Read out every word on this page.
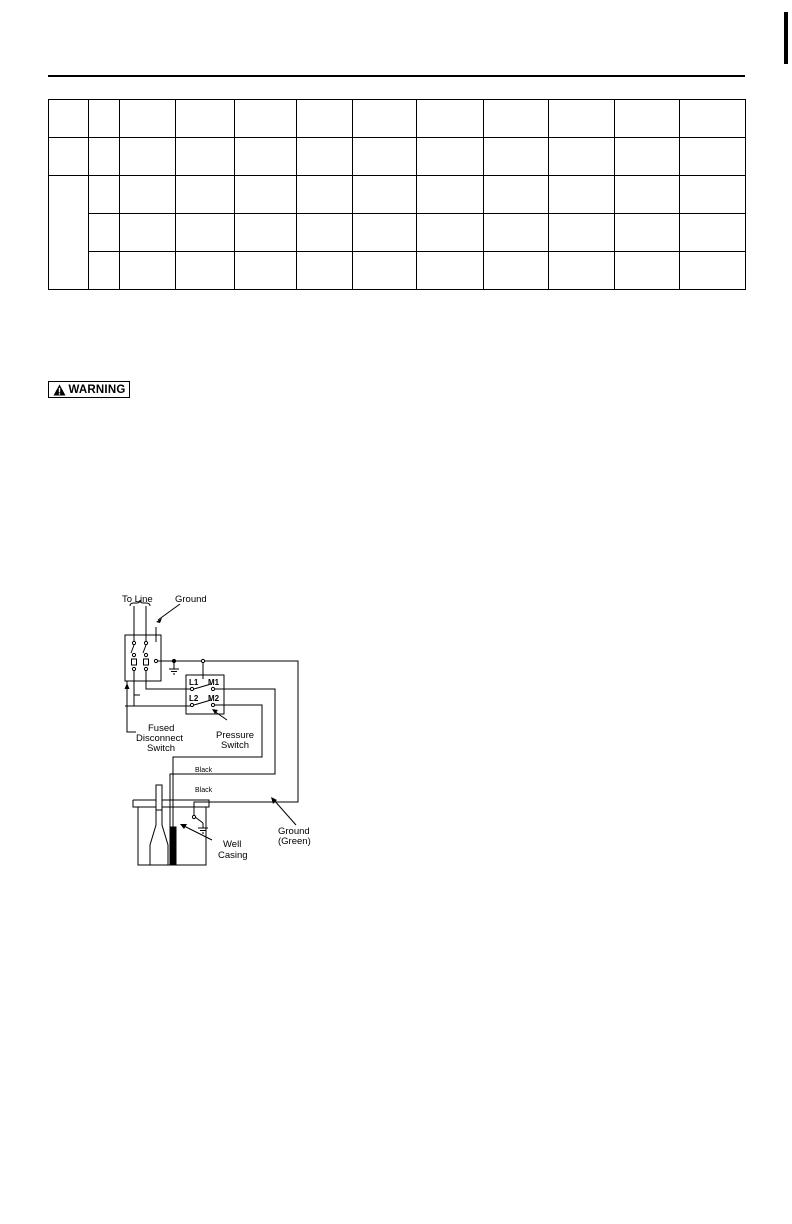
WARNING
To Line Ground
L1 M1
L2 M2
Fused
Disconnect
Switch
Pressure
Switch
Black
Black
Ground
(Green)
Well
Casing
